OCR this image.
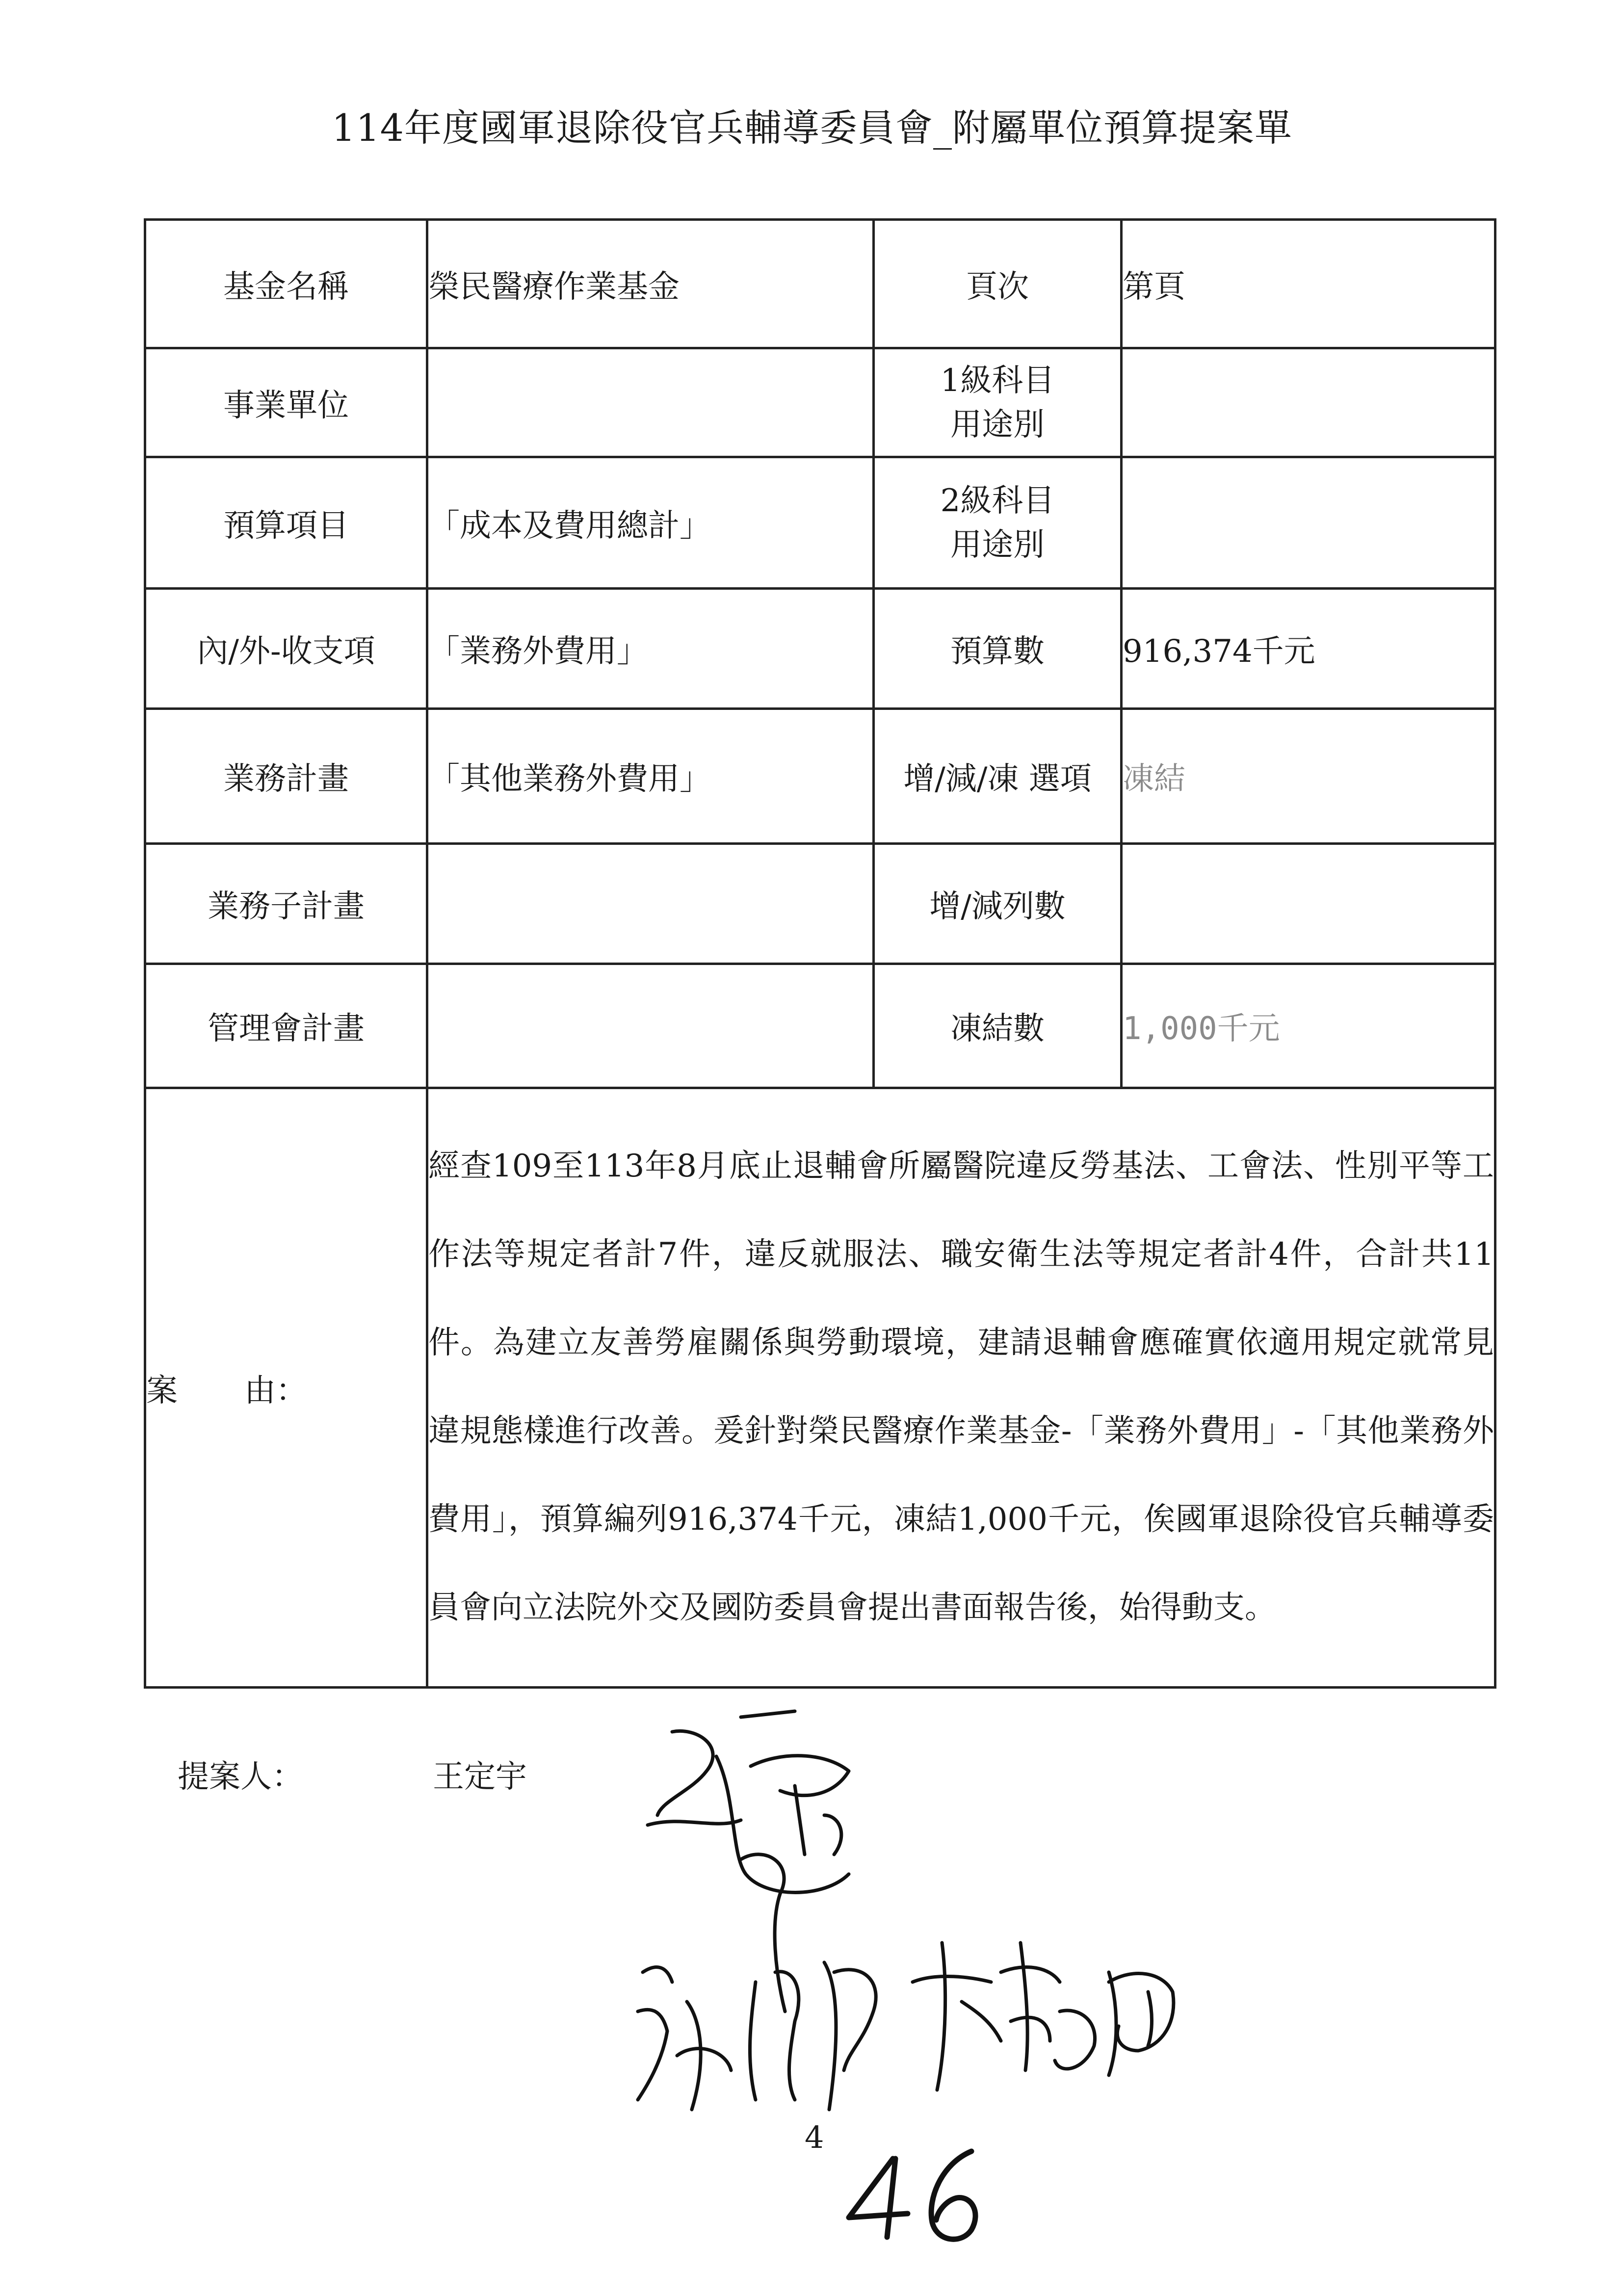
114年度國軍退除役官兵輔導委員會_附屬單位預算提案單
基金名稱	榮民醫療作業基金	頁次	第頁
事業單位		1級科目
用途別	
預算項目	「成本及費用總計」	2級科目
用途別	
內/外-收支項	「業務外費用」	預算數	916,374千元
業務計畫	「其他業務外費用」	增/減/凍 選項	凍結
業務子計畫		增/減列數	
管理會計畫		凍結數	1,000千元
案 由：	經查109至113年8月底止退輔會所屬醫院違反勞基法、工會法、性別平等工作法等規定者計7件，違反就服法、職安衛生法等規定者計4件，合計共11件。為建立友善勞雇關係與勞動環境，建請退輔會應確實依適用規定就常見違規態樣進行改善。爰針對榮民醫療作業基金-「業務外費用」-「其他業務外費用」，預算編列916,374千元，凍結1,000千元，俟國軍退除役官兵輔導委員會向立法院外交及國防委員會提出書面報告後，始得動支。		
提案人：	王定宇
4
